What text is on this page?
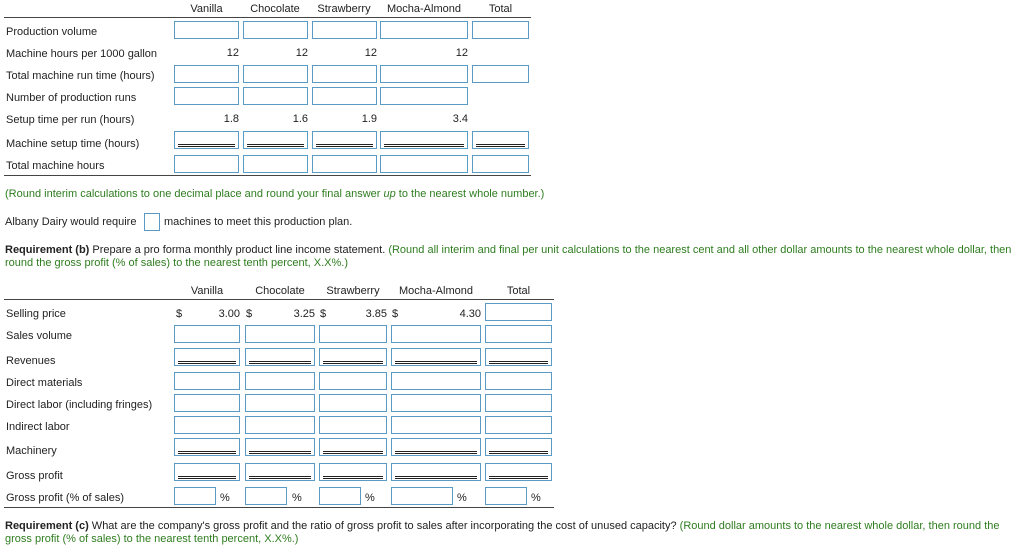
Vanilla	Chocolate	Strawberry	Mocha-Almond	Total
Production volume
Machine hours per 1000 gallon	12	12	12	12
Total machine run time (hours)
Number of production runs
Setup time per run (hours)	1.8	1.6	1.9	3.4
Machine setup time (hours)
Total machine hours
(Round interim calculations to one decimal place and round your final answer up to the nearest whole number.)
Albany Dairy would require	machines to meet this production plan.
Requirement (b) Prepare a pro forma monthly product line income statement. (Round all interim and final per unit calculations to the nearest cent and all other dollar amounts to the nearest whole dollar, then round the gross profit (% of sales) to the nearest tenth percent, X.X%.)
Vanilla	Chocolate	Strawberry	Mocha-Almond	Total
Selling price	$	3.00 $	3.25 $	3.85 $	4.30
Sales volume
Revenues
Direct materials
Direct labor (including fringes)
Indirect labor
Machinery
Gross profit
Gross profit (% of sales)	%	%	%	%	%
Requirement (c) What are the company's gross profit and the ratio of gross profit to sales after incorporating the cost of unused capacity? (Round dollar amounts to the nearest whole dollar, then round the gross profit (% of sales) to the nearest tenth percent, X.X%.)
